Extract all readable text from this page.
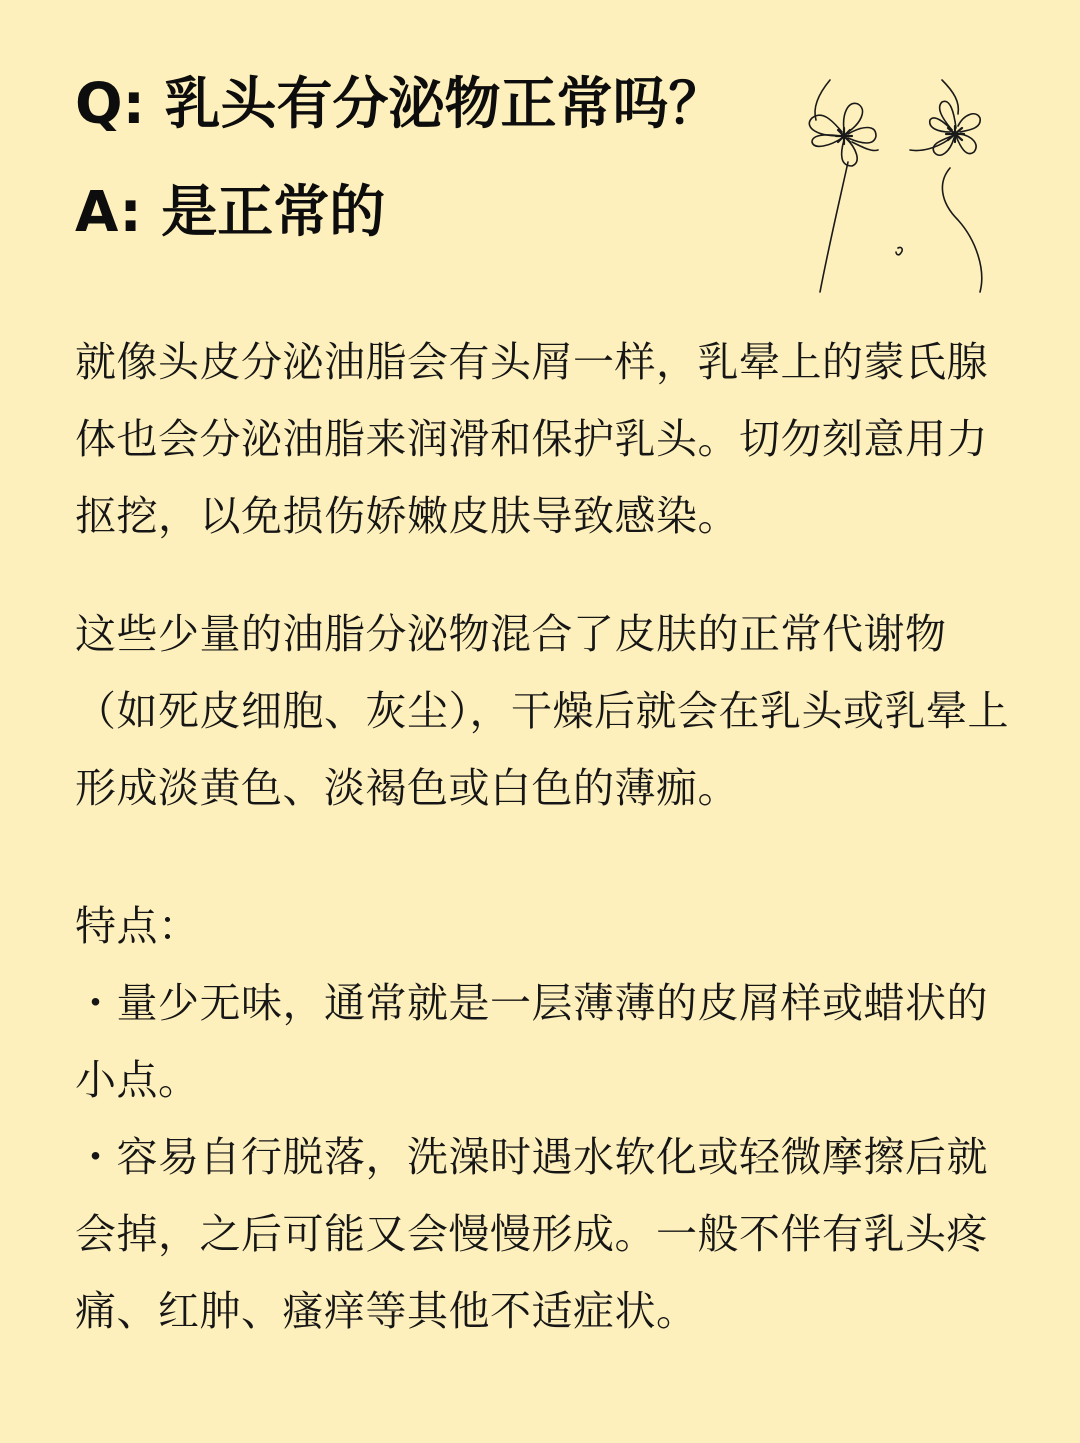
Q: 乳头有分泌物正常吗？
A: 是正常的

就像头皮分泌油脂会有头屑一样，乳晕上的蒙氏腺体也会分泌油脂来润滑和保护乳头。切勿刻意用力抠挖，以免损伤娇嫩皮肤导致感染。

这些少量的油脂分泌物混合了皮肤的正常代谢物（如死皮细胞、灰尘），干燥后就会在乳头或乳晕上形成淡黄色、淡褐色或白色的薄痂。

特点：

・量少无味，通常就是一层薄薄的皮屑样或蜡状的小点。

・容易自行脱落，洗澡时遇水软化或轻微摩擦后就会掉，之后可能又会慢慢形成。一般不伴有乳头疼痛、红肿、瘙痒等其他不适症状。
